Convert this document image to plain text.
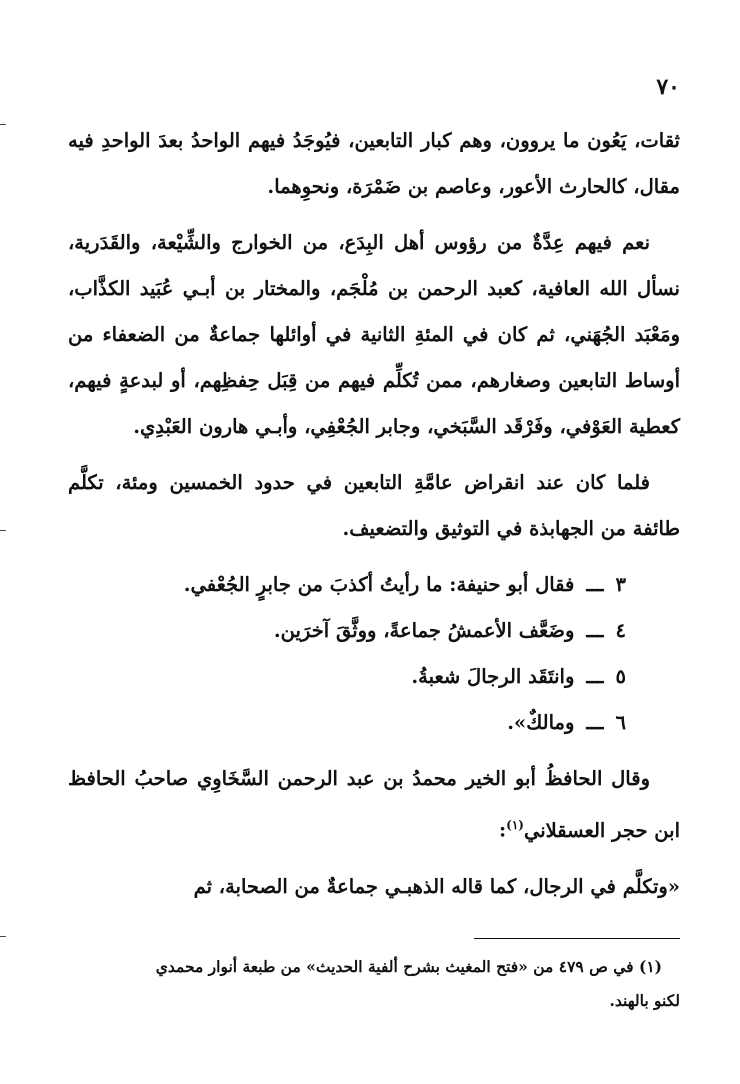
٧٠

ثقات، يَعُون ما يروون، وهم كبار التابعين، فيُوجَدُ فيهم الواحدُ بعدَ الواحدِ فيه مقال، كالحارث الأعور، وعاصم بن ضَمْرَة، ونحوِهما.

نعم فيهم عِدَّةٌ من رؤوس أهل البِدَع، من الخوارج والشِّيْعة، والقَدَرية، نسأل الله العافية، كعبد الرحمن بن مُلْجَم، والمختار بن أبـي عُبَيد الكذَّاب، ومَعْبَد الجُهَني، ثم كان في المئةِ الثانية في أوائلها جماعةٌ من الضعفاء من أوساط التابعين وصغارهم، ممن تُكلِّم فيهم من قِبَل حِفظِهم، أو لبدعةٍ فيهم، كعطية العَوْفي، وفَرْقَد السَّبَخي، وجابر الجُعْفِي، وأبـي هارون العَبْدِي.

فلما كان عند انقراض عامَّةِ التابعين في حدود الخمسين ومئة، تكلَّم طائفة من الجهابذة في التوثيق والتضعيف.

٣ـــفقال أبو حنيفة: ما رأيتُ أكذبَ من جابرٍ الجُعْفي.
٤ـــوضَعَّف الأعمشُ جماعةً، ووثَّقَ آخرَين.
٥ـــوانتَقَد الرجالَ شعبةُ.
٦ـــومالكٌ».

وقال الحافظُ أبو الخير محمدُ بن عبد الرحمن السَّخَاوِي صاحبُ الحافظ ابن حجر العسقلاني$^{(١)}$:

«وتكلَّم في الرجال، كما قاله الذهبـي جماعةٌ من الصحابة، ثم

(١) في ص ٤٧٩ من «فتح المغيث بشرح ألفية الحديث» من طبعة أنوار محمدي
لكنو بالهند.
